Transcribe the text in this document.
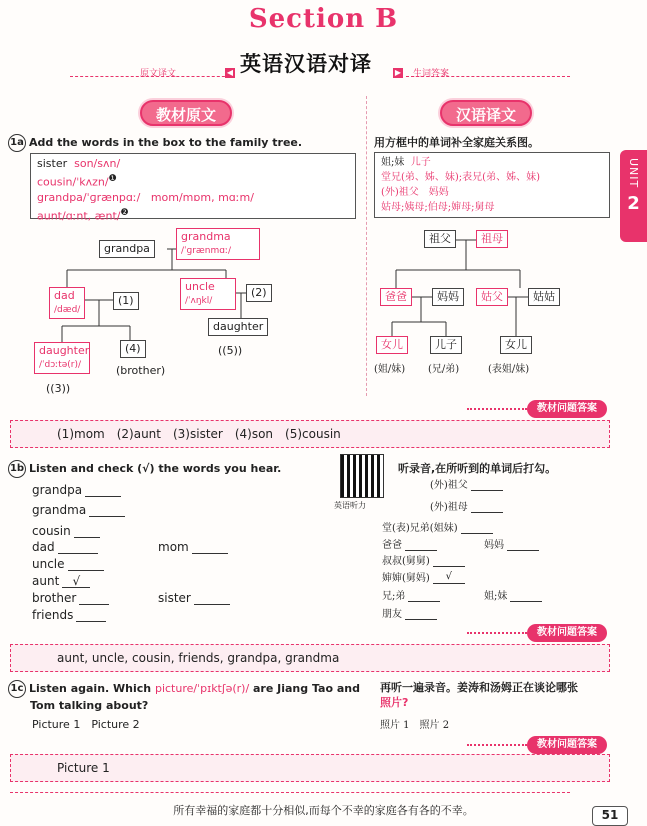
Section B
原文译文	◀ 英语汉语对译	▶ 生词答案
UNIT
2
教材原文	汉语译文
1a Add the words in the box to the family tree.
sister son/sʌn/
cousin/ˈkʌzn/$^❶$
grandpa/ˈɡrænpɑː/ mom/mɒm, mɑːm/
aunt/ɑːnt, ænt/$^❷$
grandpa
grandma
/ˈɡrænmɑː/
dad
/dæd/
(1)
uncle
/ˈʌŋkl/
(2)
daughter
((5))
daughter
/ˈdɔːtə(r)/
((3))
(4)
(brother)
用方框中的单词补全家庭关系图。
姐;妹 儿子
堂兄(弟、姊、妹);表兄(弟、姊、妹)
(外)祖父　妈妈
姑母;姨母;伯母;婶母;舅母
祖父	祖母
爸爸	妈妈	姑父	姑姑
女儿	儿子	女儿
(姐/妹) (兄/弟)	(表姐/妹)
教材问题答案
(1)mom　(2)aunt　(3)sister　(4)son　(5)cousin
1b Listen and check (√) the words you hear.
英语听力
听录音,在所听到的单词后打勾。
grandpa
grandma
cousin
dad
uncle
aunt √
brother
friends
mom
sister
(外)祖父
(外)祖母
堂(表)兄弟(姐妹)
爸爸	妈妈
叔叔(舅舅)
婶婶(舅妈) √
兄;弟	姐;妹
朋友
教材问题答案
aunt, uncle, cousin, friends, grandpa, grandma
1c Listen again. Which picture/ˈpɪktʃə(r)/ are Jiang Tao and
Tom talking about?
Picture 1　Picture 2
再听一遍录音。姜涛和汤姆正在谈论哪张
照片?
照片 1　照片 2
教材问题答案
Picture 1
所有幸福的家庭都十分相似,而每个不幸的家庭各有各的不幸。	51
